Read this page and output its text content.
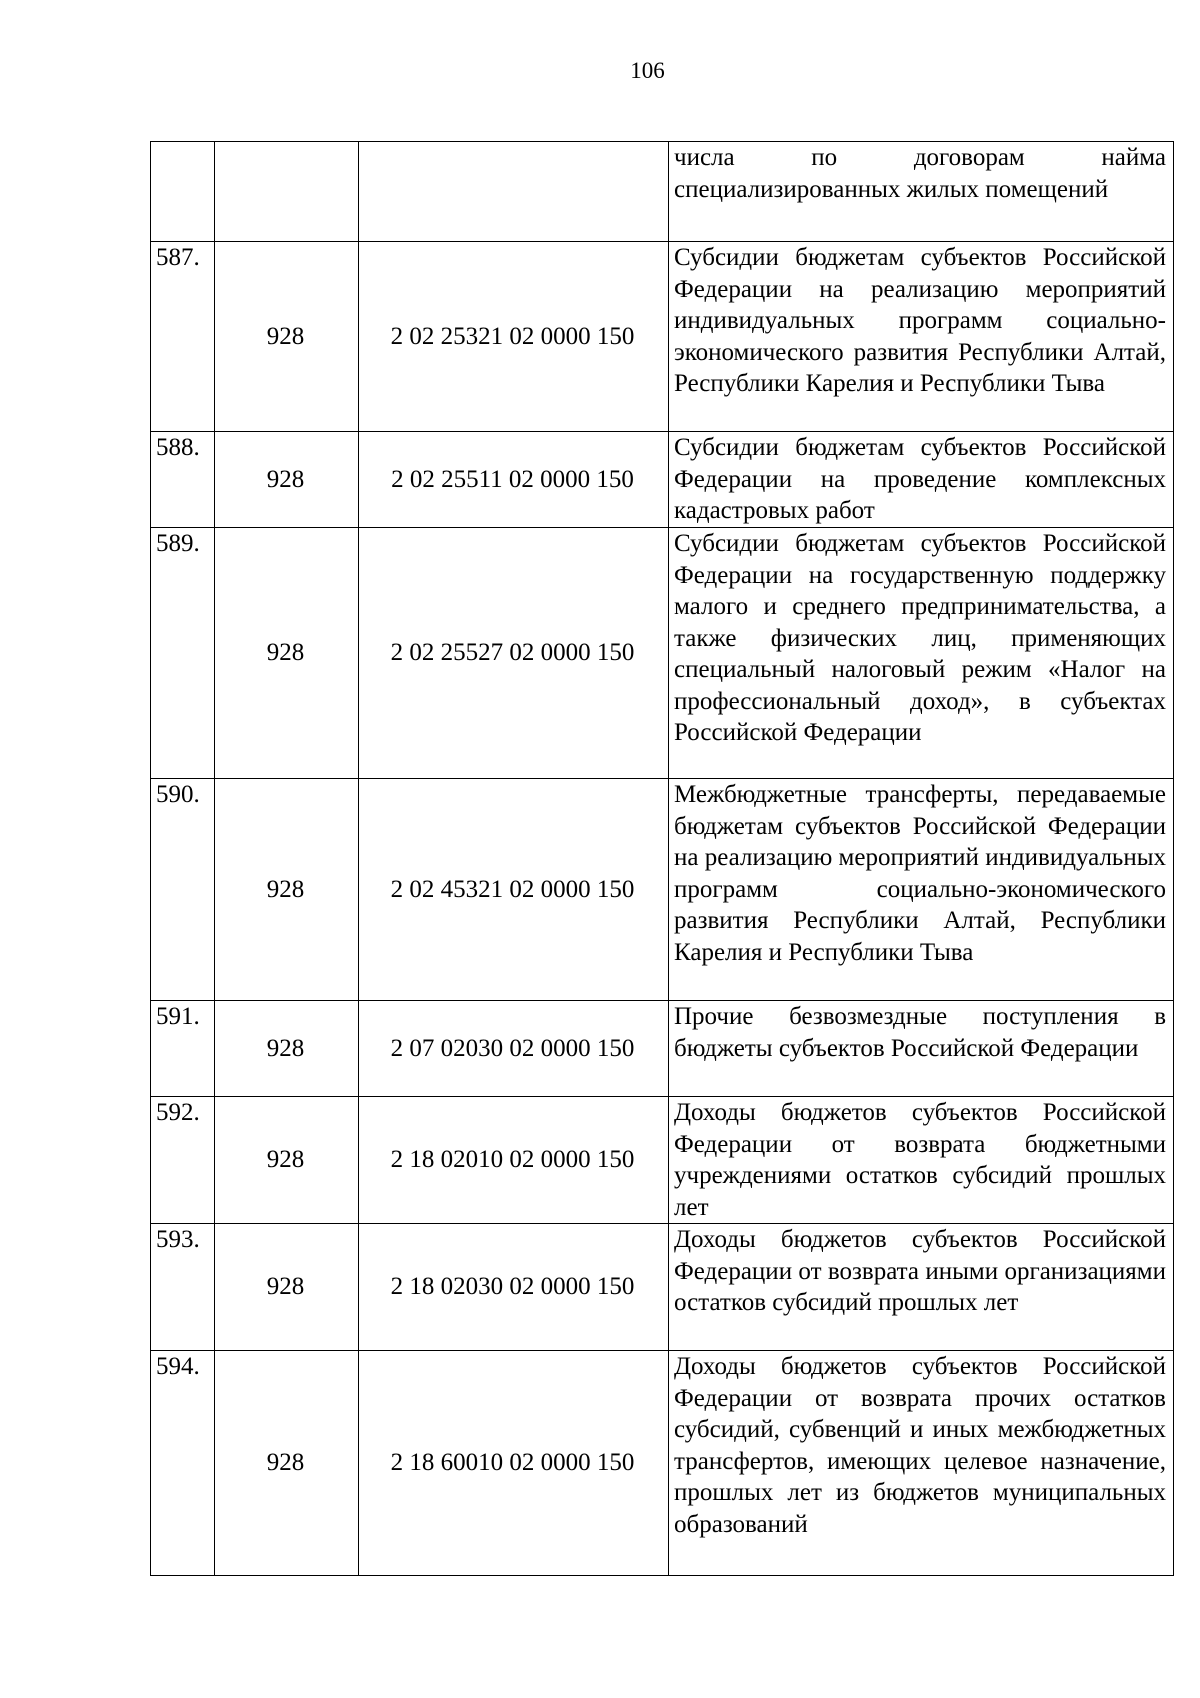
106
			числа по договорам найма специализированных жилых помещений
587.	928	2 02 25321 02 0000 150	Субсидии бюджетам субъектов Российской Федерации на реализацию мероприятий индивидуальных программ социально-экономического развития Республики Алтай, Республики Карелия и Республики Тыва
588.	928	2 02 25511 02 0000 150	Субсидии бюджетам субъектов Российской Федерации на проведение комплексных кадастровых работ
589.	928	2 02 25527 02 0000 150	Субсидии бюджетам субъектов Российской Федерации на государственную поддержку малого и среднего предпринимательства, а также физических лиц, применяющих специальный налоговый режим «Налог на профессиональный доход», в субъектах Российской Федерации
590.	928	2 02 45321 02 0000 150	Межбюджетные трансферты, передаваемые бюджетам субъектов Российской Федерации на реализацию мероприятий индивидуальных программ социально-экономического развития Республики Алтай, Республики Карелия и Республики Тыва
591.	928	2 07 02030 02 0000 150	Прочие безвозмездные поступления в бюджеты субъектов Российской Федерации
592.	928	2 18 02010 02 0000 150	Доходы бюджетов субъектов Российской Федерации от возврата бюджетными учреждениями остатков субсидий прошлых лет
593.	928	2 18 02030 02 0000 150	Доходы бюджетов субъектов Российской Федерации от возврата иными организациями остатков субсидий прошлых лет
594.	928	2 18 60010 02 0000 150	Доходы бюджетов субъектов Российской Федерации от возврата прочих остатков субсидий, субвенций и иных межбюджетных трансфертов, имеющих целевое назначение, прошлых лет из бюджетов муниципальных образований
